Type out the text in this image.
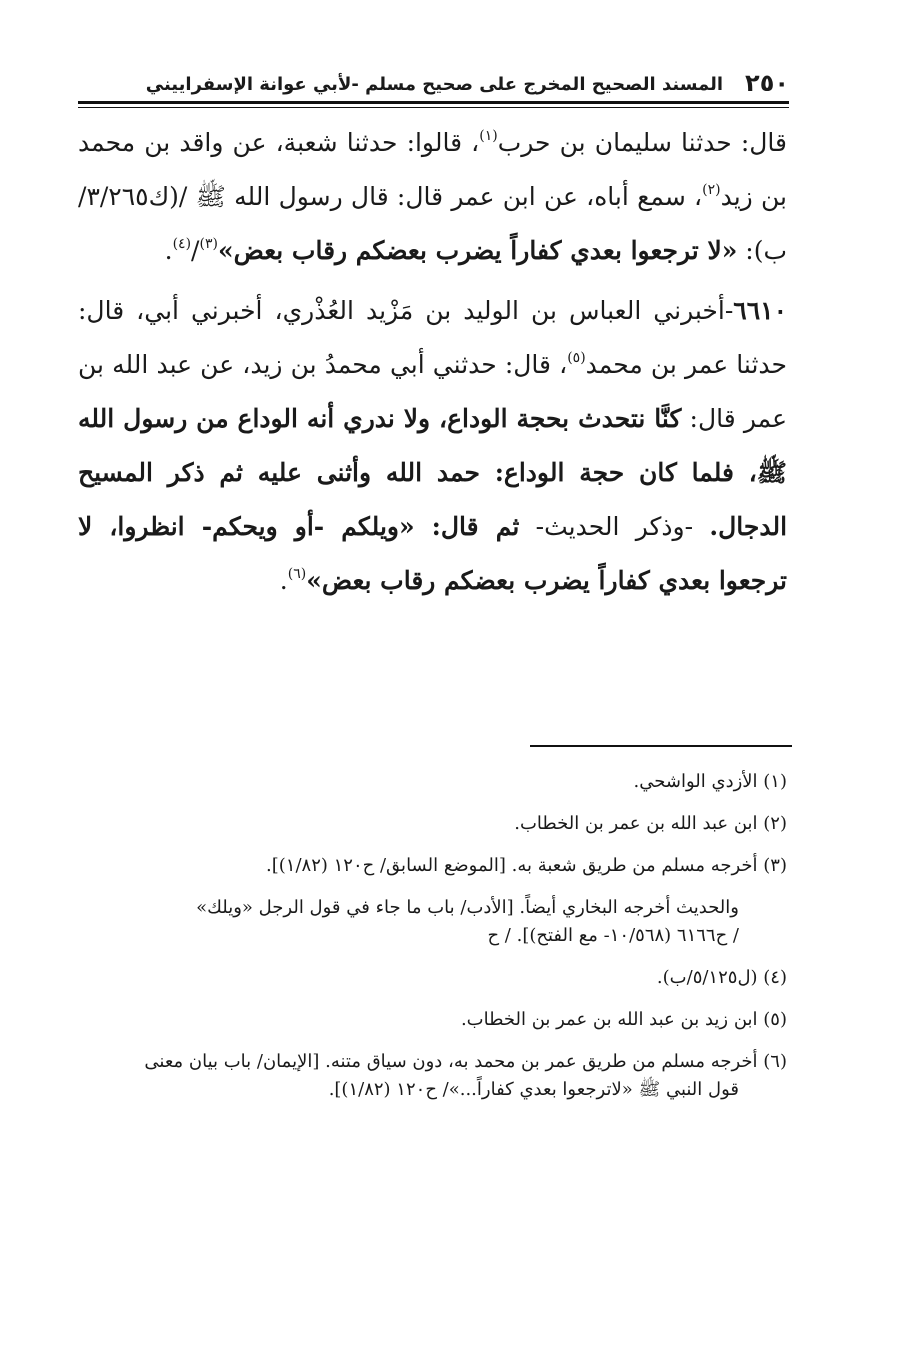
٢٥٠
المسند الصحيح المخرج على صحيح مسلم -لأبي عوانة الإسفراييني

قال: حدثنا سليمان بن حرب$^{(١)}$، قالوا: حدثنا شعبة، عن واقد بن محمد بن زيد$^{(٢)}$، سمع أباه، عن ابن عمر قال: قال رسول الله ﷺ /(ك٣/٢٦٥/ب): «لا ترجعوا بعدي كفاراً يضرب بعضكم رقاب بعض»$^{(٣)}$/$^{(٤)}$.

٦٦١٠-أخبرني العباس بن الوليد بن مَزْيد العُذْري، أخبرني أبي، قال: حدثنا عمر بن محمد$^{(٥)}$، قال: حدثني أبي محمدُ بن زيد، عن عبد الله بن عمر قال: كنَّا نتحدث بحجة الوداع، ولا ندري أنه الوداع من رسول الله ﷺ، فلما كان حجة الوداع: حمد الله وأثنى عليه ثم ذكر المسيح الدجال. -وذكر الحديث- ثم قال: «ويلكم -أو ويحكم- انظروا، لا ترجعوا بعدي كفاراً يضرب بعضكم رقاب بعض»$^{(٦)}$.

(١) الأزدي الواشحي.

(٢) ابن عبد الله بن عمر بن الخطاب.

(٣) أخرجه مسلم من طريق شعبة به. [الموضع السابق/ ح١٢٠ (١/٨٢)].

والحديث أخرجه البخاري أيضاً. [الأدب/ باب ما جاء في قول الرجل «ويلك»
/ ح٦١٦٦ (١٠/٥٦٨- مع الفتح)]. / ح

(٤) (ل٥/١٢٥/ب).

(٥) ابن زيد بن عبد الله بن عمر بن الخطاب.

(٦) أخرجه مسلم من طريق عمر بن محمد به، دون سياق متنه. [الإيمان/ باب بيان معنى
قول النبي ﷺ «لاترجعوا بعدي كفاراً...»/ ح١٢٠ (١/٨٢)].
